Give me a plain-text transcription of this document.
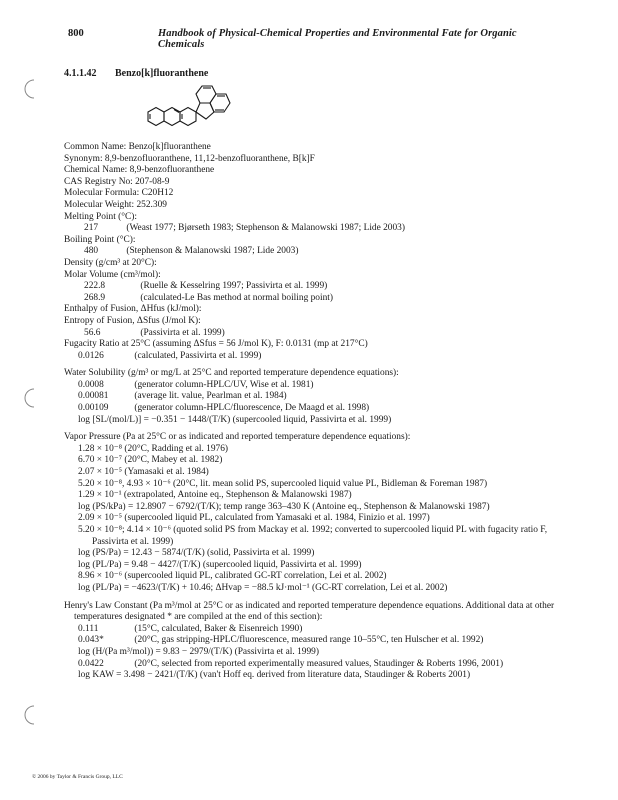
800	Handbook of Physical-Chemical Properties and Environmental Fate for Organic Chemicals
4.1.1.42 Benzo[k]fluoranthene
Common Name: Benzo[k]fluoranthene
Synonym: 8,9-benzofluoranthene, 11,12-benzofluoranthene, B[k]F
Chemical Name: 8,9-benzofluoranthene
CAS Registry No: 207-08-9
Molecular Formula: C20H12
Molecular Weight: 252.309
Melting Point (°C):
217	(Weast 1977; Bjørseth 1983; Stephenson & Malanowski 1987; Lide 2003)
Boiling Point (°C):
480	(Stephenson & Malanowski 1987; Lide 2003)
Density (g/cm³ at 20°C):
Molar Volume (cm³/mol):
222.8	(Ruelle & Kesselring 1997; Passivirta et al. 1999)
268.9	(calculated-Le Bas method at normal boiling point)
Enthalpy of Fusion, ΔHfus (kJ/mol):
Entropy of Fusion, ΔSfus (J/mol K):
56.6	(Passivirta et al. 1999)
Fugacity Ratio at 25°C (assuming ΔSfus = 56 J/mol K), F: 0.0131 (mp at 217°C)
0.0126	(calculated, Passivirta et al. 1999)
Water Solubility (g/m³ or mg/L at 25°C and reported temperature dependence equations):
0.0008	(generator column-HPLC/UV, Wise et al. 1981)
0.00081	(average lit. value, Pearlman et al. 1984)
0.00109	(generator column-HPLC/fluorescence, De Maagd et al. 1998)
log [SL/(mol/L)] = −0.351 − 1448/(T/K) (supercooled liquid, Passivirta et al. 1999)
Vapor Pressure (Pa at 25°C or as indicated and reported temperature dependence equations):
1.28 × 10⁻⁸ (20°C, Radding et al. 1976)
6.70 × 10⁻⁷ (20°C, Mabey et al. 1982)
2.07 × 10⁻⁵ (Yamasaki et al. 1984)
5.20 × 10⁻⁸, 4.93 × 10⁻⁶ (20°C, lit. mean solid PS, supercooled liquid value PL, Bidleman & Foreman 1987)
1.29 × 10⁻¹ (extrapolated, Antoine eq., Stephenson & Malanowski 1987)
log (PS/kPa) = 12.8907 − 6792/(T/K); temp range 363–430 K (Antoine eq., Stephenson & Malanowski 1987)
2.09 × 10⁻⁵ (supercooled liquid PL, calculated from Yamasaki et al. 1984, Finizio et al. 1997)
5.20 × 10⁻⁸; 4.14 × 10⁻⁶ (quoted solid PS from Mackay et al. 1992; converted to supercooled liquid PL with fugacity ratio F, Passivirta et al. 1999)
log (PS/Pa) = 12.43 − 5874/(T/K) (solid, Passivirta et al. 1999)
log (PL/Pa) = 9.48 − 4427/(T/K) (supercooled liquid, Passivirta et al. 1999)
8.96 × 10⁻⁶ (supercooled liquid PL, calibrated GC-RT correlation, Lei et al. 2002)
log (PL/Pa) = −4623/(T/K) + 10.46; ΔHvap = −88.5 kJ·mol⁻¹ (GC-RT correlation, Lei et al. 2002)
Henry's Law Constant (Pa m³/mol at 25°C or as indicated and reported temperature dependence equations. Additional data at other temperatures designated * are compiled at the end of this section):
0.111	(15°C, calculated, Baker & Eisenreich 1990)
0.043*	(20°C, gas stripping-HPLC/fluorescence, measured range 10–55°C, ten Hulscher et al. 1992)
log (H/(Pa m³/mol)) = 9.83 − 2979/(T/K) (Passivirta et al. 1999)
0.0422	(20°C, selected from reported experimentally measured values, Staudinger & Roberts 1996, 2001)
log KAW = 3.498 − 2421/(T/K) (van't Hoff eq. derived from literature data, Staudinger & Roberts 2001)
© 2006 by Taylor & Francis Group, LLC
